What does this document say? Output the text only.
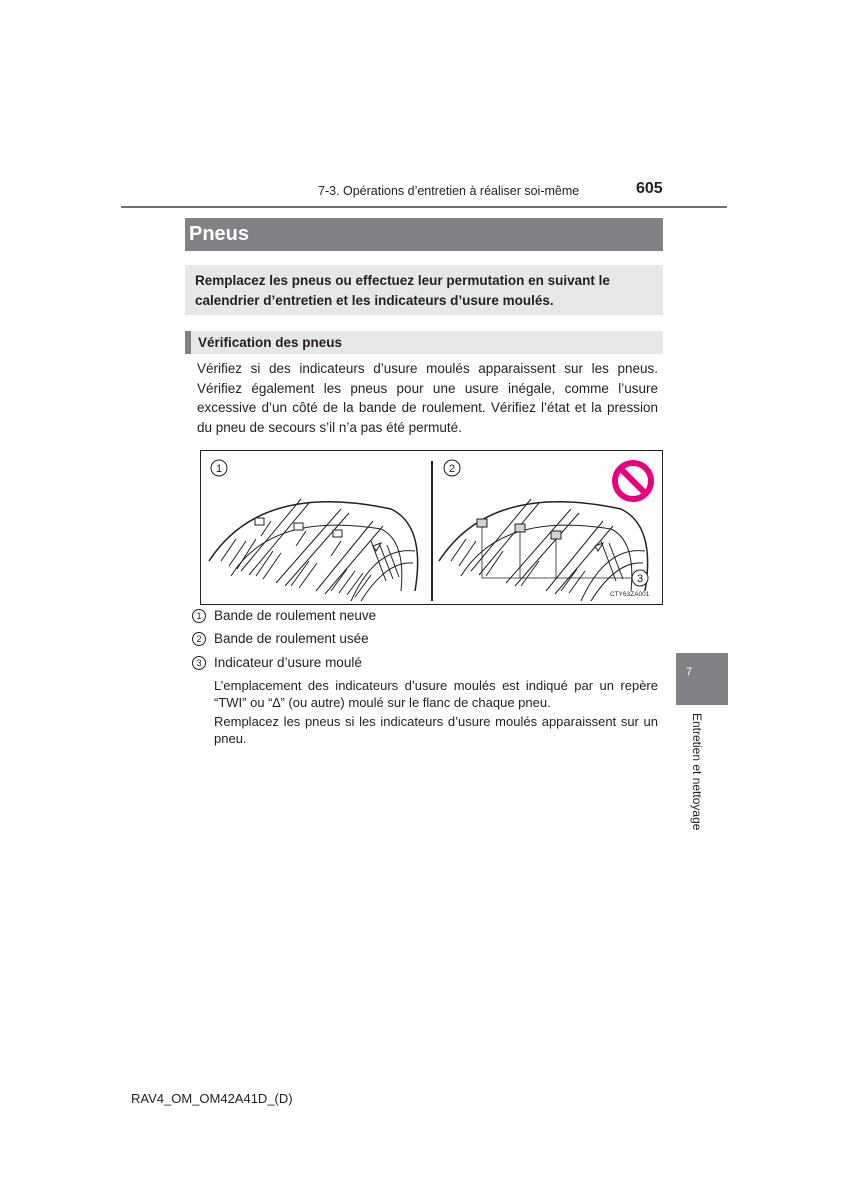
7-3. Opérations d’entretien à réaliser soi-même	605
Pneus
Remplacez les pneus ou effectuez leur permutation en suivant le calendrier d’entretien et les indicateurs d’usure moulés.
Vérification des pneus
Vérifiez si des indicateurs d’usure moulés apparaissent sur les pneus. Vérifiez également les pneus pour une usure inégale, comme l’usure excessive d’un côté de la bande de roulement. Vérifiez l’état et la pression du pneu de secours s’il n’a pas été permuté.
1	2
3
CTY63ZA001
1 Bande de roulement neuve
2 Bande de roulement usée
3 Indicateur d’usure moulé
L’emplacement des indicateurs d’usure moulés est indiqué par un repère “TWI” ou “∆” (ou autre) moulé sur le flanc de chaque pneu.
Remplacez les pneus si les indicateurs d’usure moulés apparaissent sur un pneu.
7
Entretien et nettoyage
RAV4_OM_OM42A41D_(D)
